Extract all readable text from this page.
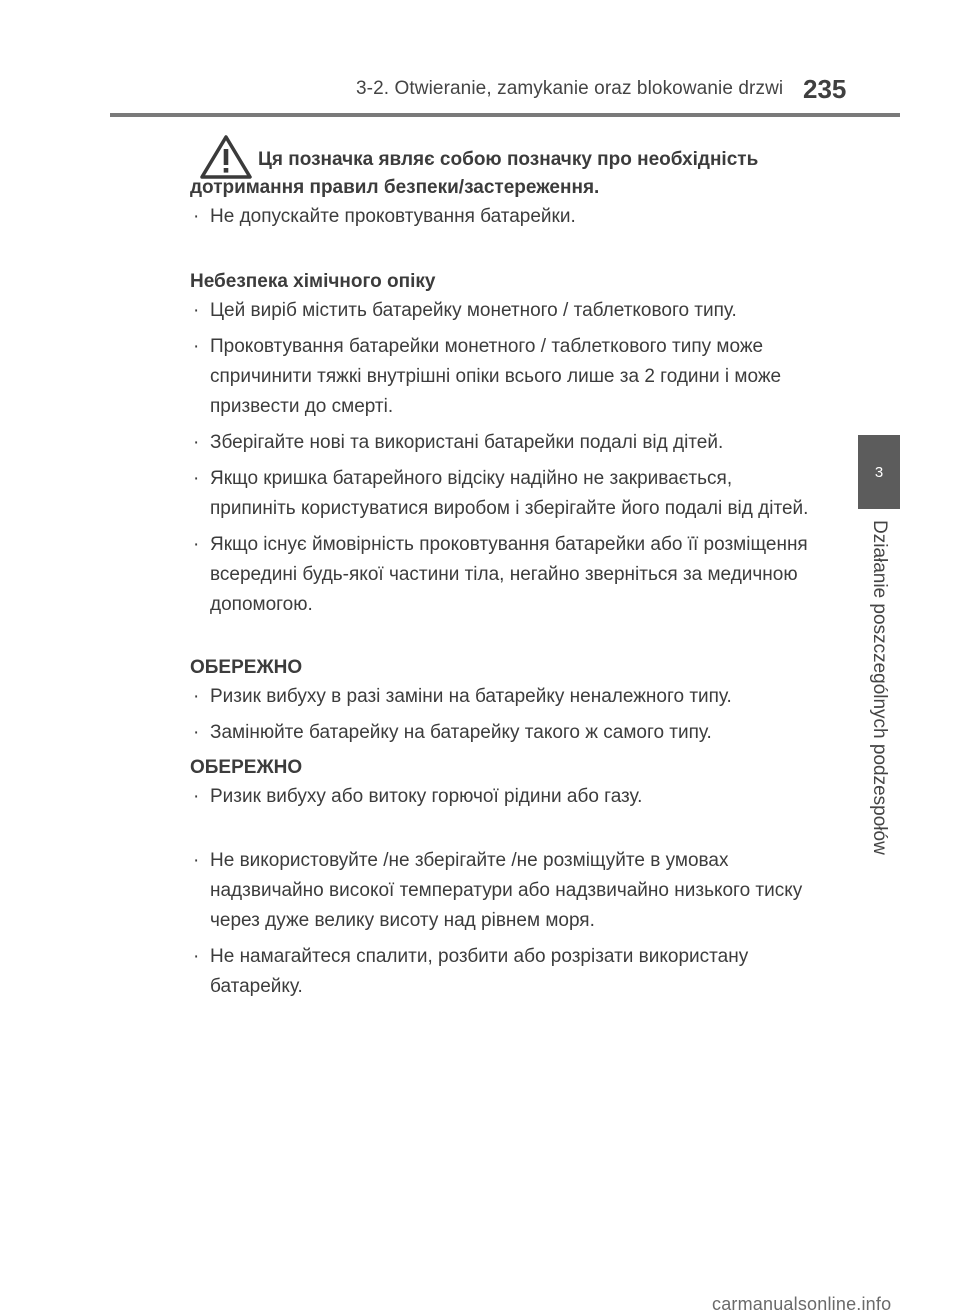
3-2. Otwieranie, zamykanie oraz blokowanie drzwi 235
3
Działanie poszczególnych podzespołów
Ця позначка являє собою позначку про необхідність
дотримання правил безпеки/застереження.
· Не допускайте проковтування батарейки.
Небезпека хімічного опіку
· Цей виріб містить батарейку монетного / таблеткового типу.
· Проковтування батарейки монетного / таблеткового типу може спричинити тяжкі внутрішні опіки всього лише за 2 години і може призвести до смерті.
· Зберігайте нові та використані батарейки подалі від дітей.
· Якщо кришка батарейного відсіку надійно не закривається, припиніть користуватися виробом і зберігайте його подалі від дітей.
· Якщо існує ймовірність проковтування батарейки або її розміщення всередині будь-якої частини тіла, негайно зверніться за медичною допомогою.
ОБЕРЕЖНО
· Ризик вибуху в разі заміни на батарейку неналежного типу.
· Замінюйте батарейку на батарейку такого ж самого типу.
ОБЕРЕЖНО
· Ризик вибуху або витоку горючої рідини або газу.
· Не використовуйте /не зберігайте /не розміщуйте в умовах надзвичайно високої температури або надзвичайно низького тиску через дуже велику висоту над рівнем моря.
· Не намагайтеся спалити, розбити або розрізати використану батарейку.
carmanualsonline.info
